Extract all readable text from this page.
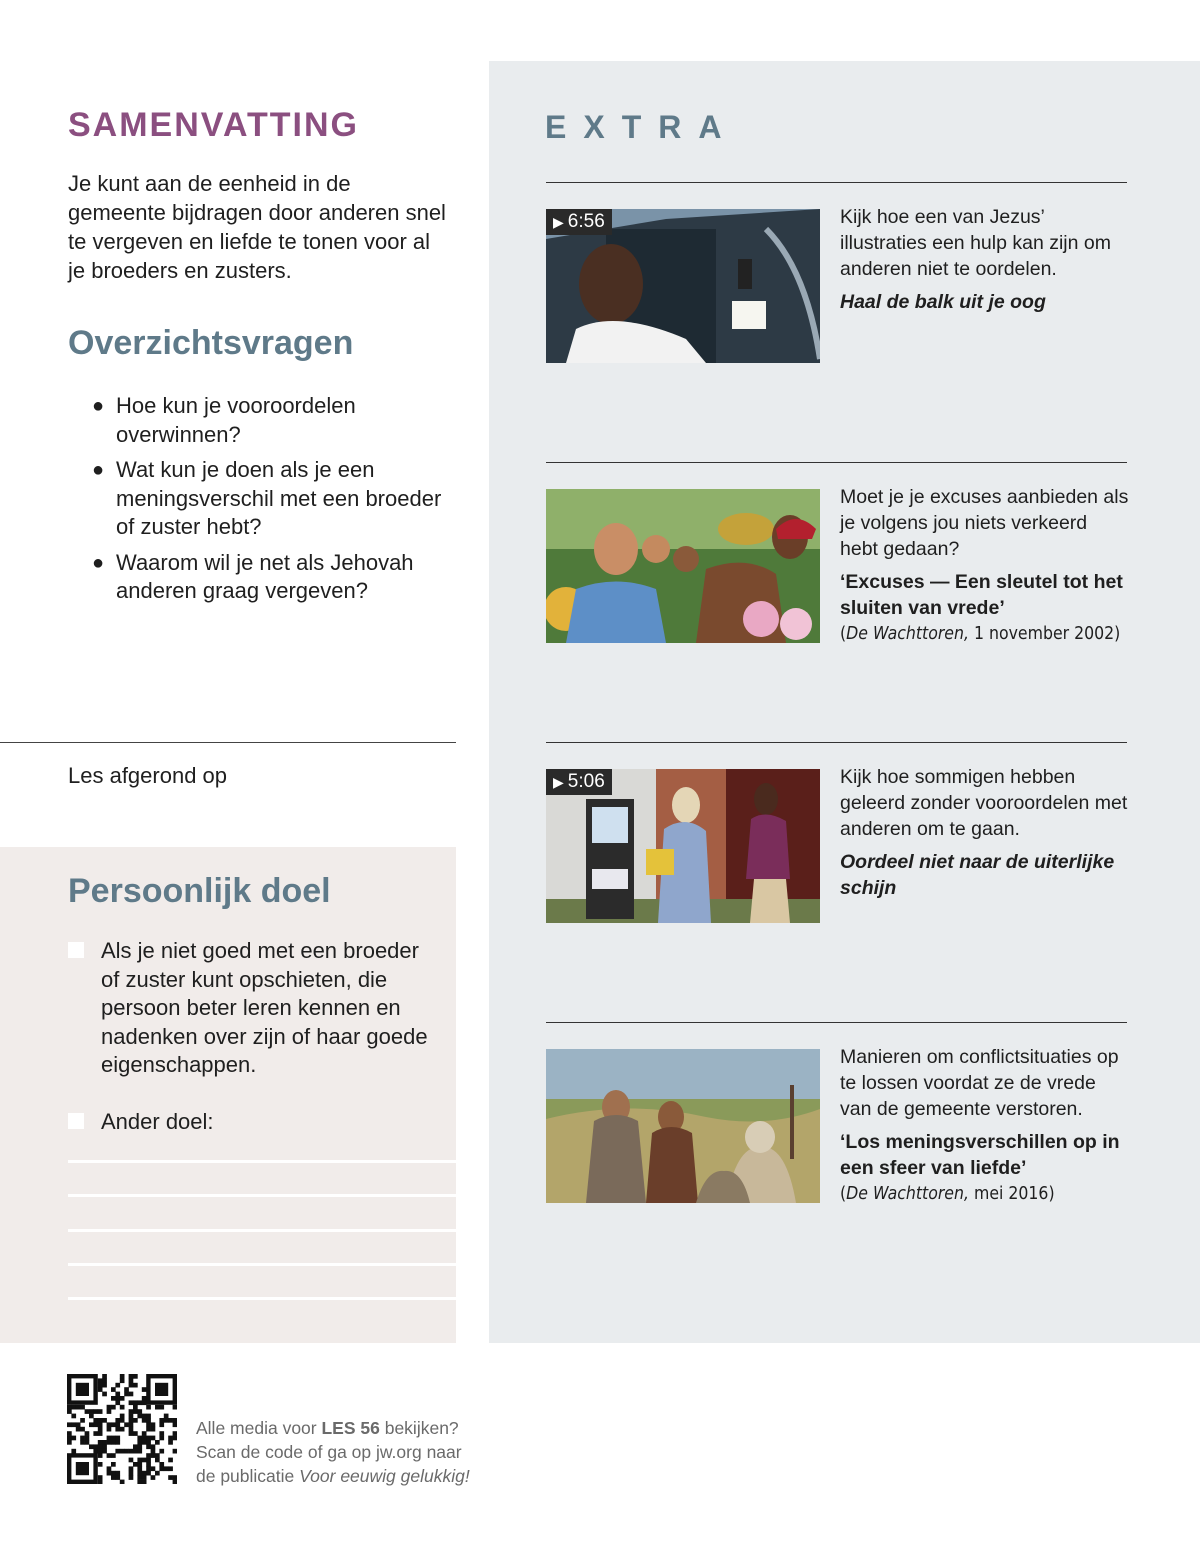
SAMENVATTING

Je kunt aan de eenheid in de gemeente bijdragen door anderen snel te vergeven en liefde te tonen voor al je broeders en zusters.

Overzichtsvragen
● Hoe kun je vooroordelen overwinnen?
● Wat kun je doen als je een meningsverschil met een broeder of zuster hebt?
● Waarom wil je net als Jehovah anderen graag vergeven?
Les afgerond op
Persoonlijk doel
Als je niet goed met een broeder of zuster kunt opschieten, die persoon beter leren kennen en nadenken over zijn of haar goede eigenschappen.
Ander doel:
EXTRA
▶ 6:56	Kijk hoe een van Jezus’ illustraties een hulp kan zijn om anderen niet te oordelen.
Haal de balk uit je oog
Moet je je excuses aanbieden als je volgens jou niets verkeerd hebt gedaan?
‘Excuses — Een sleutel tot het sluiten van vrede’
(De Wachttoren, 1 november 2002)
▶ 5:06	Kijk hoe sommigen hebben geleerd zonder vooroordelen met anderen om te gaan.
Oordeel niet naar de uiterlijke schijn
Manieren om conflictsituaties op te lossen voordat ze de vrede van de gemeente verstoren.
‘Los meningsverschillen op in een sfeer van liefde’
(De Wachttoren, mei 2016)
Alle media voor LES 56 bekijken?
Scan de code of ga op jw.org naar
de publicatie Voor eeuwig gelukkig!
